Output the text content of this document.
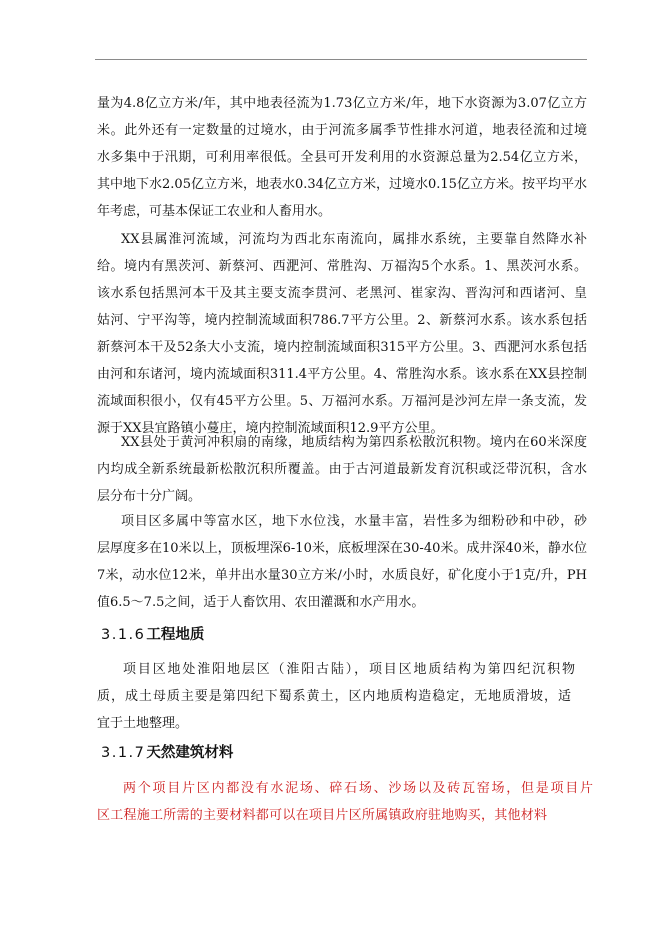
量为4.8亿立方米/年，其中地表径流为1.73亿立方米/年，地下水资源为3.07亿立方
米。此外还有一定数量的过境水，由于河流多属季节性排水河道，地表径流和过境
水多集中于汛期，可利用率很低。全县可开发利用的水资源总量为2.54亿立方米，
其中地下水2.05亿立方米，地表水0.34亿立方米，过境水0.15亿立方米。按平均平水
年考虑，可基本保证工农业和人畜用水。
XX县属淮河流域，河流均为西北东南流向，属排水系统，主要靠自然降水补
给。境内有黑茨河、新蔡河、西淝河、常胜沟、万福沟5个水系。1、黑茨河水系。
该水系包括黑河本干及其主要支流李贯河、老黑河、崔家沟、晋沟河和西诸河、皇
姑河、宁平沟等，境内控制流域面积786.7平方公里。2、新蔡河水系。该水系包括
新蔡河本干及52条大小支流，境内控制流域面积315平方公里。3、西淝河水系包括
由河和东诸河，境内流域面积311.4平方公里。4、常胜沟水系。该水系在XX县控制
流域面积很小，仅有45平方公里。5、万福河水系。万福河是沙河左岸一条支流，发
源于XX县宜路镇小蔓庄，境内控制流域面积12.9平方公里。
XX县处于黄河冲积扇的南缘，地质结构为第四系松散沉积物。境内在60米深度
内均成全新系统最新松散沉积所覆盖。由于古河道最新发育沉积或泛带沉积，含水
层分布十分广阔。
项目区多属中等富水区，地下水位浅，水量丰富，岩性多为细粉砂和中砂，砂
层厚度多在10米以上，顶板埋深6-10米，底板埋深在30-40米。成井深40米，静水位
7米，动水位12米，单井出水量30立方米/小时，水质良好，矿化度小于1克/升，PH
值6.5～7.5之间，适于人畜饮用、农田灌溉和水产用水。
3.1.6工程地质
项目区地处淮阳地层区（淮阳古陆），项目区地质结构为第四纪沉积物
质，成土母质主要是第四纪下蜀系黄土，区内地质构造稳定，无地质滑坡，适
宜于土地整理。
3.1.7天然建筑材料
两个项目片区内都没有水泥场、碎石场、沙场以及砖瓦窑场，但是项目片
区工程施工所需的主要材料都可以在项目片区所属镇政府驻地购买，其他材料
